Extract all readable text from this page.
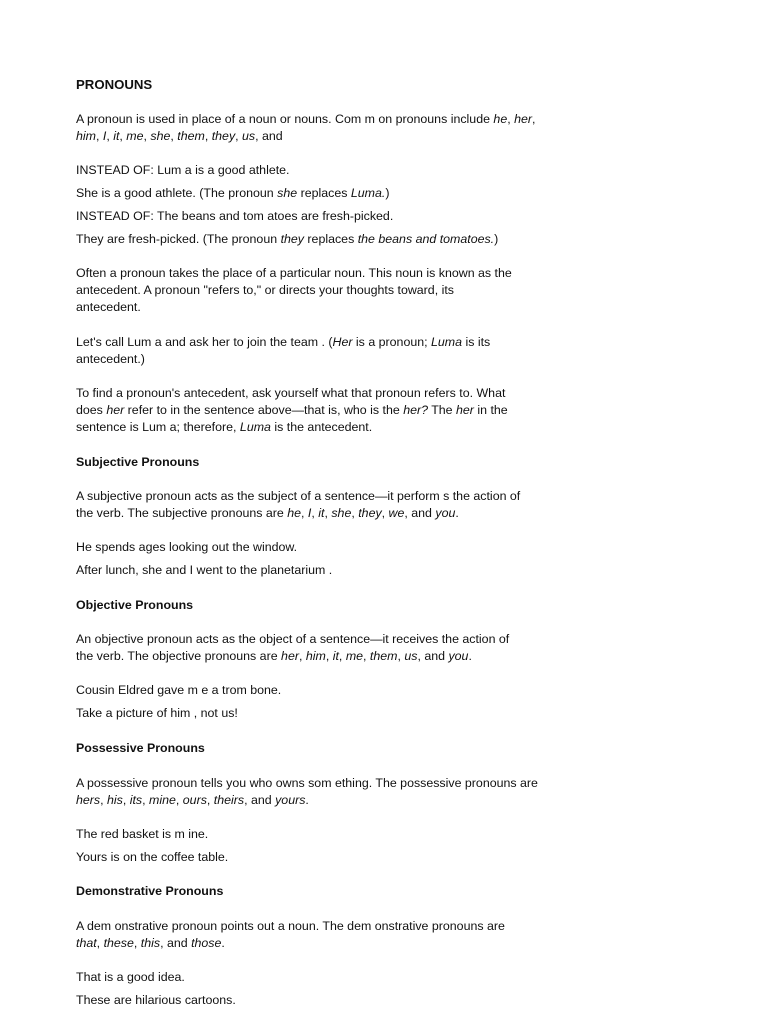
PRONOUNS

A pronoun is used in place of a noun or nouns. Com m on pronouns include he, her,

him, I, it, me, she, them, they, us, and

INSTEAD OF: Lum a is a good athlete.

She is a good athlete. (The pronoun she replaces Luma.)

INSTEAD OF: The beans and tom atoes are fresh-picked.

They are fresh-picked. (The pronoun they replaces the beans and tomatoes.)

Often a pronoun takes the place of a particular noun. This noun is known as the

antecedent. A pronoun "refers to," or directs your thoughts toward, its

antecedent.

Let's call Lum a and ask her to join the team . (Her is a pronoun; Luma is its

antecedent.)

To find a pronoun's antecedent, ask yourself what that pronoun refers to. What

does her refer to in the sentence above—that is, who is the her? The her in the

sentence is Lum a; therefore, Luma is the antecedent.

Subjective Pronouns

A subjective pronoun acts as the subject of a sentence—it perform s the action of

the verb. The subjective pronouns are he, I, it, she, they, we, and you.

He spends ages looking out the window.

After lunch, she and I went to the planetarium .

Objective Pronouns

An objective pronoun acts as the object of a sentence—it receives the action of

the verb. The objective pronouns are her, him, it, me, them, us, and you.

Cousin Eldred gave m e a trom bone.

Take a picture of him , not us!

Possessive Pronouns

A possessive pronoun tells you who owns som ething. The possessive pronouns are

hers, his, its, mine, ours, theirs, and yours.

The red basket is m ine.

Yours is on the coffee table.

Demonstrative Pronouns

A dem onstrative pronoun points out a noun. The dem onstrative pronouns are

that, these, this, and those.

That is a good idea.

These are hilarious cartoons.
